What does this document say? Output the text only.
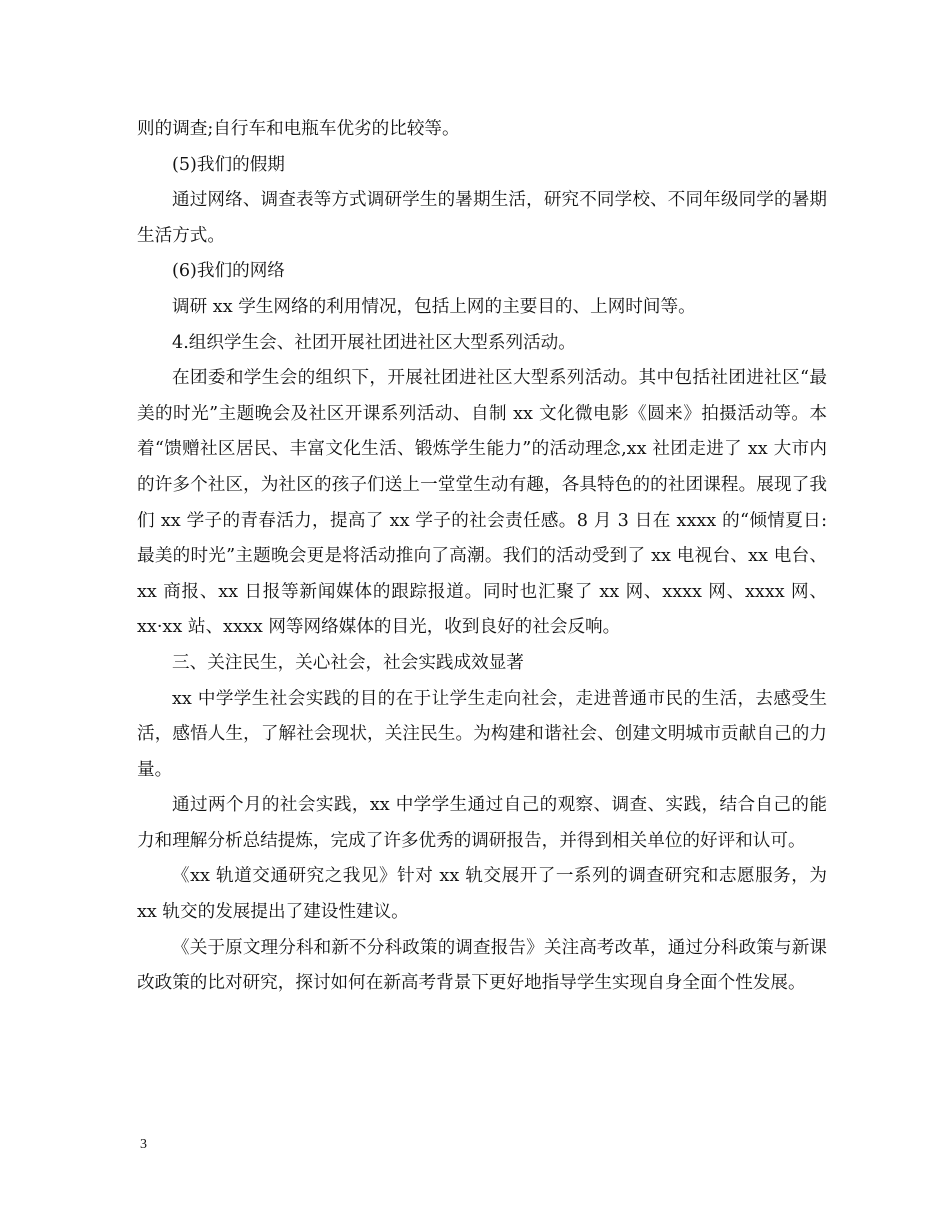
则的调查;自行车和电瓶车优劣的比较等。

(5)我们的假期

通过网络、调查表等方式调研学生的暑期生活，研究不同学校、不同年级同学的暑期生活方式。

(6)我们的网络

调研 xx 学生网络的利用情况，包括上网的主要目的、上网时间等。

4.组织学生会、社团开展社团进社区大型系列活动。

在团委和学生会的组织下，开展社团进社区大型系列活动。其中包括社团进社区“最美的时光”主题晚会及社区开课系列活动、自制 xx 文化微电影《圆来》拍摄活动等。本着“馈赠社区居民、丰富文化生活、锻炼学生能力”的活动理念,xx 社团走进了 xx 大市内的许多个社区，为社区的孩子们送上一堂堂生动有趣，各具特色的的社团课程。展现了我们 xx 学子的青春活力，提高了 xx 学子的社会责任感。8 月 3 日在 xxxx 的“倾情夏日:最美的时光”主题晚会更是将活动推向了高潮。我们的活动受到了 xx 电视台、xx 电台、xx 商报、xx 日报等新闻媒体的跟踪报道。同时也汇聚了 xx 网、xxxx 网、xxxx 网、xx·xx 站、xxxx 网等网络媒体的目光，收到良好的社会反响。

三、关注民生，关心社会，社会实践成效显著

xx 中学学生社会实践的目的在于让学生走向社会，走进普通市民的生活，去感受生活，感悟人生，了解社会现状，关注民生。为构建和谐社会、创建文明城市贡献自己的力量。

通过两个月的社会实践，xx 中学学生通过自己的观察、调查、实践，结合自己的能力和理解分析总结提炼，完成了许多优秀的调研报告，并得到相关单位的好评和认可。

《xx 轨道交通研究之我见》针对 xx 轨交展开了一系列的调查研究和志愿服务，为 xx 轨交的发展提出了建设性建议。

《关于原文理分科和新不分科政策的调查报告》关注高考改革，通过分科政策与新课改政策的比对研究，探讨如何在新高考背景下更好地指导学生实现自身全面个性发展。

3
